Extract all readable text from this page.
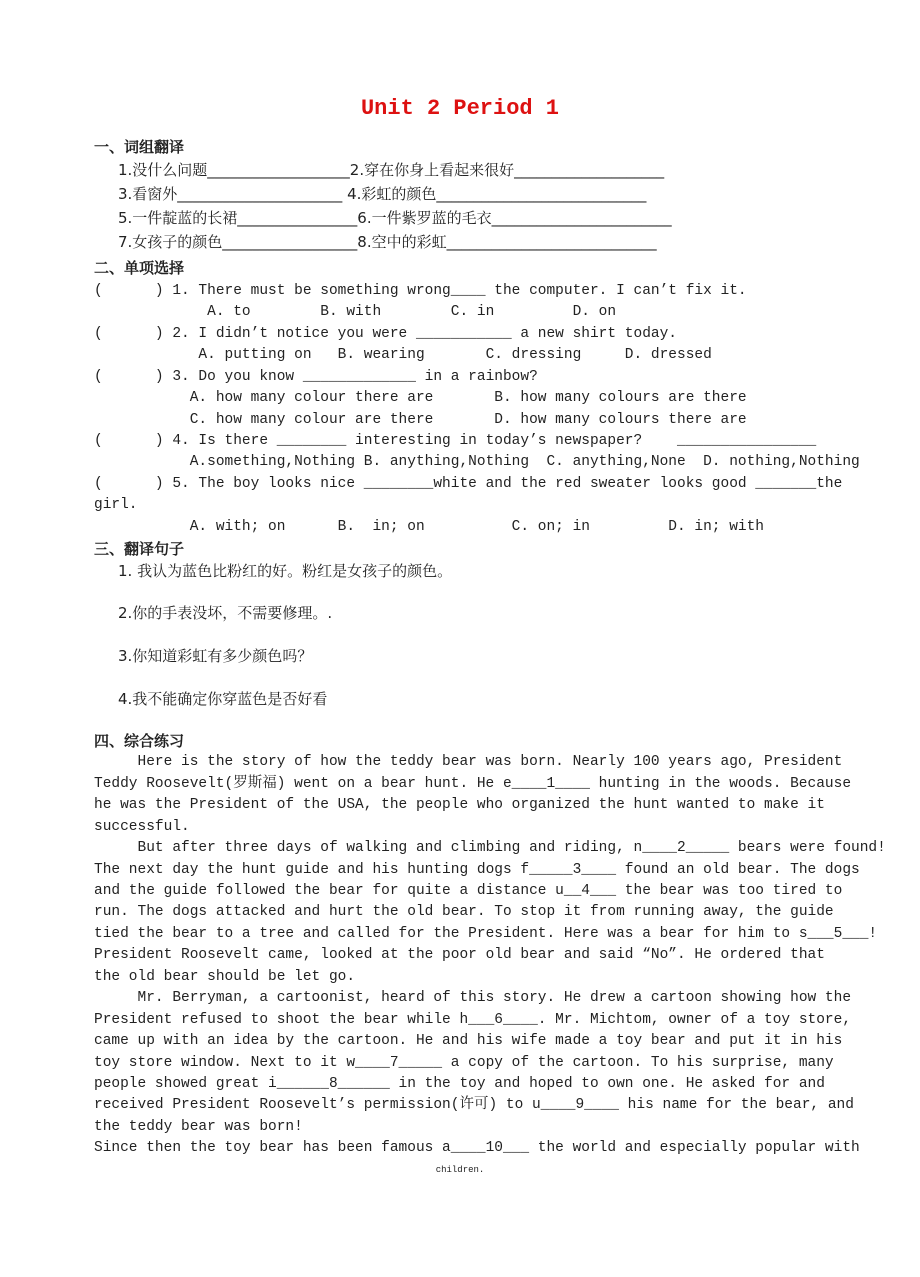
Unit 2 Period 1
一、词组翻译
1.没什么问题___________________2.穿在你身上看起来很好____________________
3.看窗外______________________ 4.彩虹的颜色____________________________
5.一件靛蓝的长裙________________6.一件紫罗蓝的毛衣________________________
7.女孩子的颜色__________________8.空中的彩虹____________________________
二、单项选择
(      ) 1. There must be something wrong____ the computer. I can’t fix it.
A. to        B. with        C. in         D. on
(      ) 2. I didn’t notice you were ___________ a new shirt today.
A. putting on   B. wearing       C. dressing     D. dressed
(      ) 3. Do you know _____________ in a rainbow?
A. how many colour there are       B. how many colours are there
C. how many colour are there       D. how many colours there are
(      ) 4. Is there ________ interesting in today’s newspaper?    ________________
A.something,Nothing B. anything,Nothing  C. anything,None  D. nothing,Nothing
(      ) 5. The boy looks nice ________white and the red sweater looks good _______the
girl.
A. with; on      B.  in; on          C. on; in         D. in; with
三、翻译句子
1. 我认为蓝色比粉红的好。粉红是女孩子的颜色。
2.你的手表没坏，不需要修理。.
3.你知道彩虹有多少颜色吗？
4.我不能确定你穿蓝色是否好看
四、综合练习
Here is the story of how the teddy bear was born. Nearly 100 years ago, President
Teddy Roosevelt(罗斯福) went on a bear hunt. He e____1____ hunting in the woods. Because
he was the President of the USA, the people who organized the hunt wanted to make it
successful.
But after three days of walking and climbing and riding, n____2_____ bears were found!
The next day the hunt guide and his hunting dogs f_____3____ found an old bear. The dogs
and the guide followed the bear for quite a distance u__4___ the bear was too tired to
run. The dogs attacked and hurt the old bear. To stop it from running away, the guide
tied the bear to a tree and called for the President. Here was a bear for him to s___5___!
President Roosevelt came, looked at the poor old bear and said “No”. He ordered that
the old bear should be let go.
Mr. Berryman, a cartoonist, heard of this story. He drew a cartoon showing how the
President refused to shoot the bear while h___6____. Mr. Michtom, owner of a toy store,
came up with an idea by the cartoon. He and his wife made a toy bear and put it in his
toy store window. Next to it w____7_____ a copy of the cartoon. To his surprise, many
people showed great i______8______ in the toy and hoped to own one. He asked for and
received President Roosevelt’s permission(许可) to u____9____ his name for the bear, and
the teddy bear was born!
Since then the toy bear has been famous a____10___ the world and especially popular with
children.
